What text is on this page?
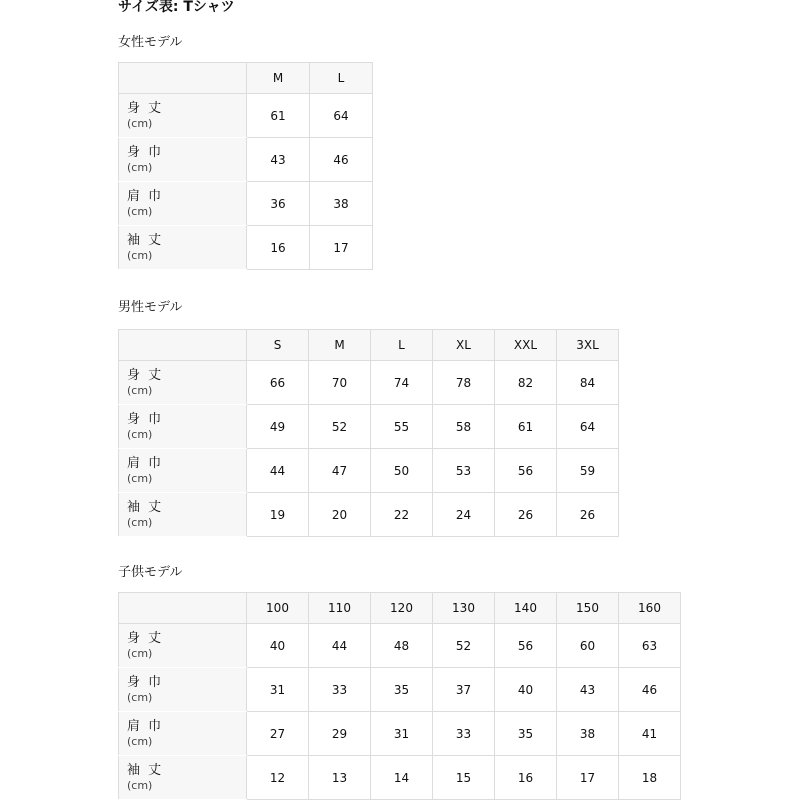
サイズ表: Tシャツ
女性モデル
	M	L

身 丈
(cm)	61	64

身 巾
(cm)	43	46

肩 巾
(cm)	36	38

袖 丈
(cm)	16	17
男性モデル
	S	M	L	XL	XXL	3XL

身 丈
(cm)	66	70	74	78	82	84

身 巾
(cm)	49	52	55	58	61	64

肩 巾
(cm)	44	47	50	53	56	59

袖 丈
(cm)	19	20	22	24	26	26
子供モデル
	100	110	120	130	140	150	160

身 丈
(cm)	40	44	48	52	56	60	63

身 巾
(cm)	31	33	35	37	40	43	46

肩 巾
(cm)	27	29	31	33	35	38	41

袖 丈
(cm)	12	13	14	15	16	17	18
